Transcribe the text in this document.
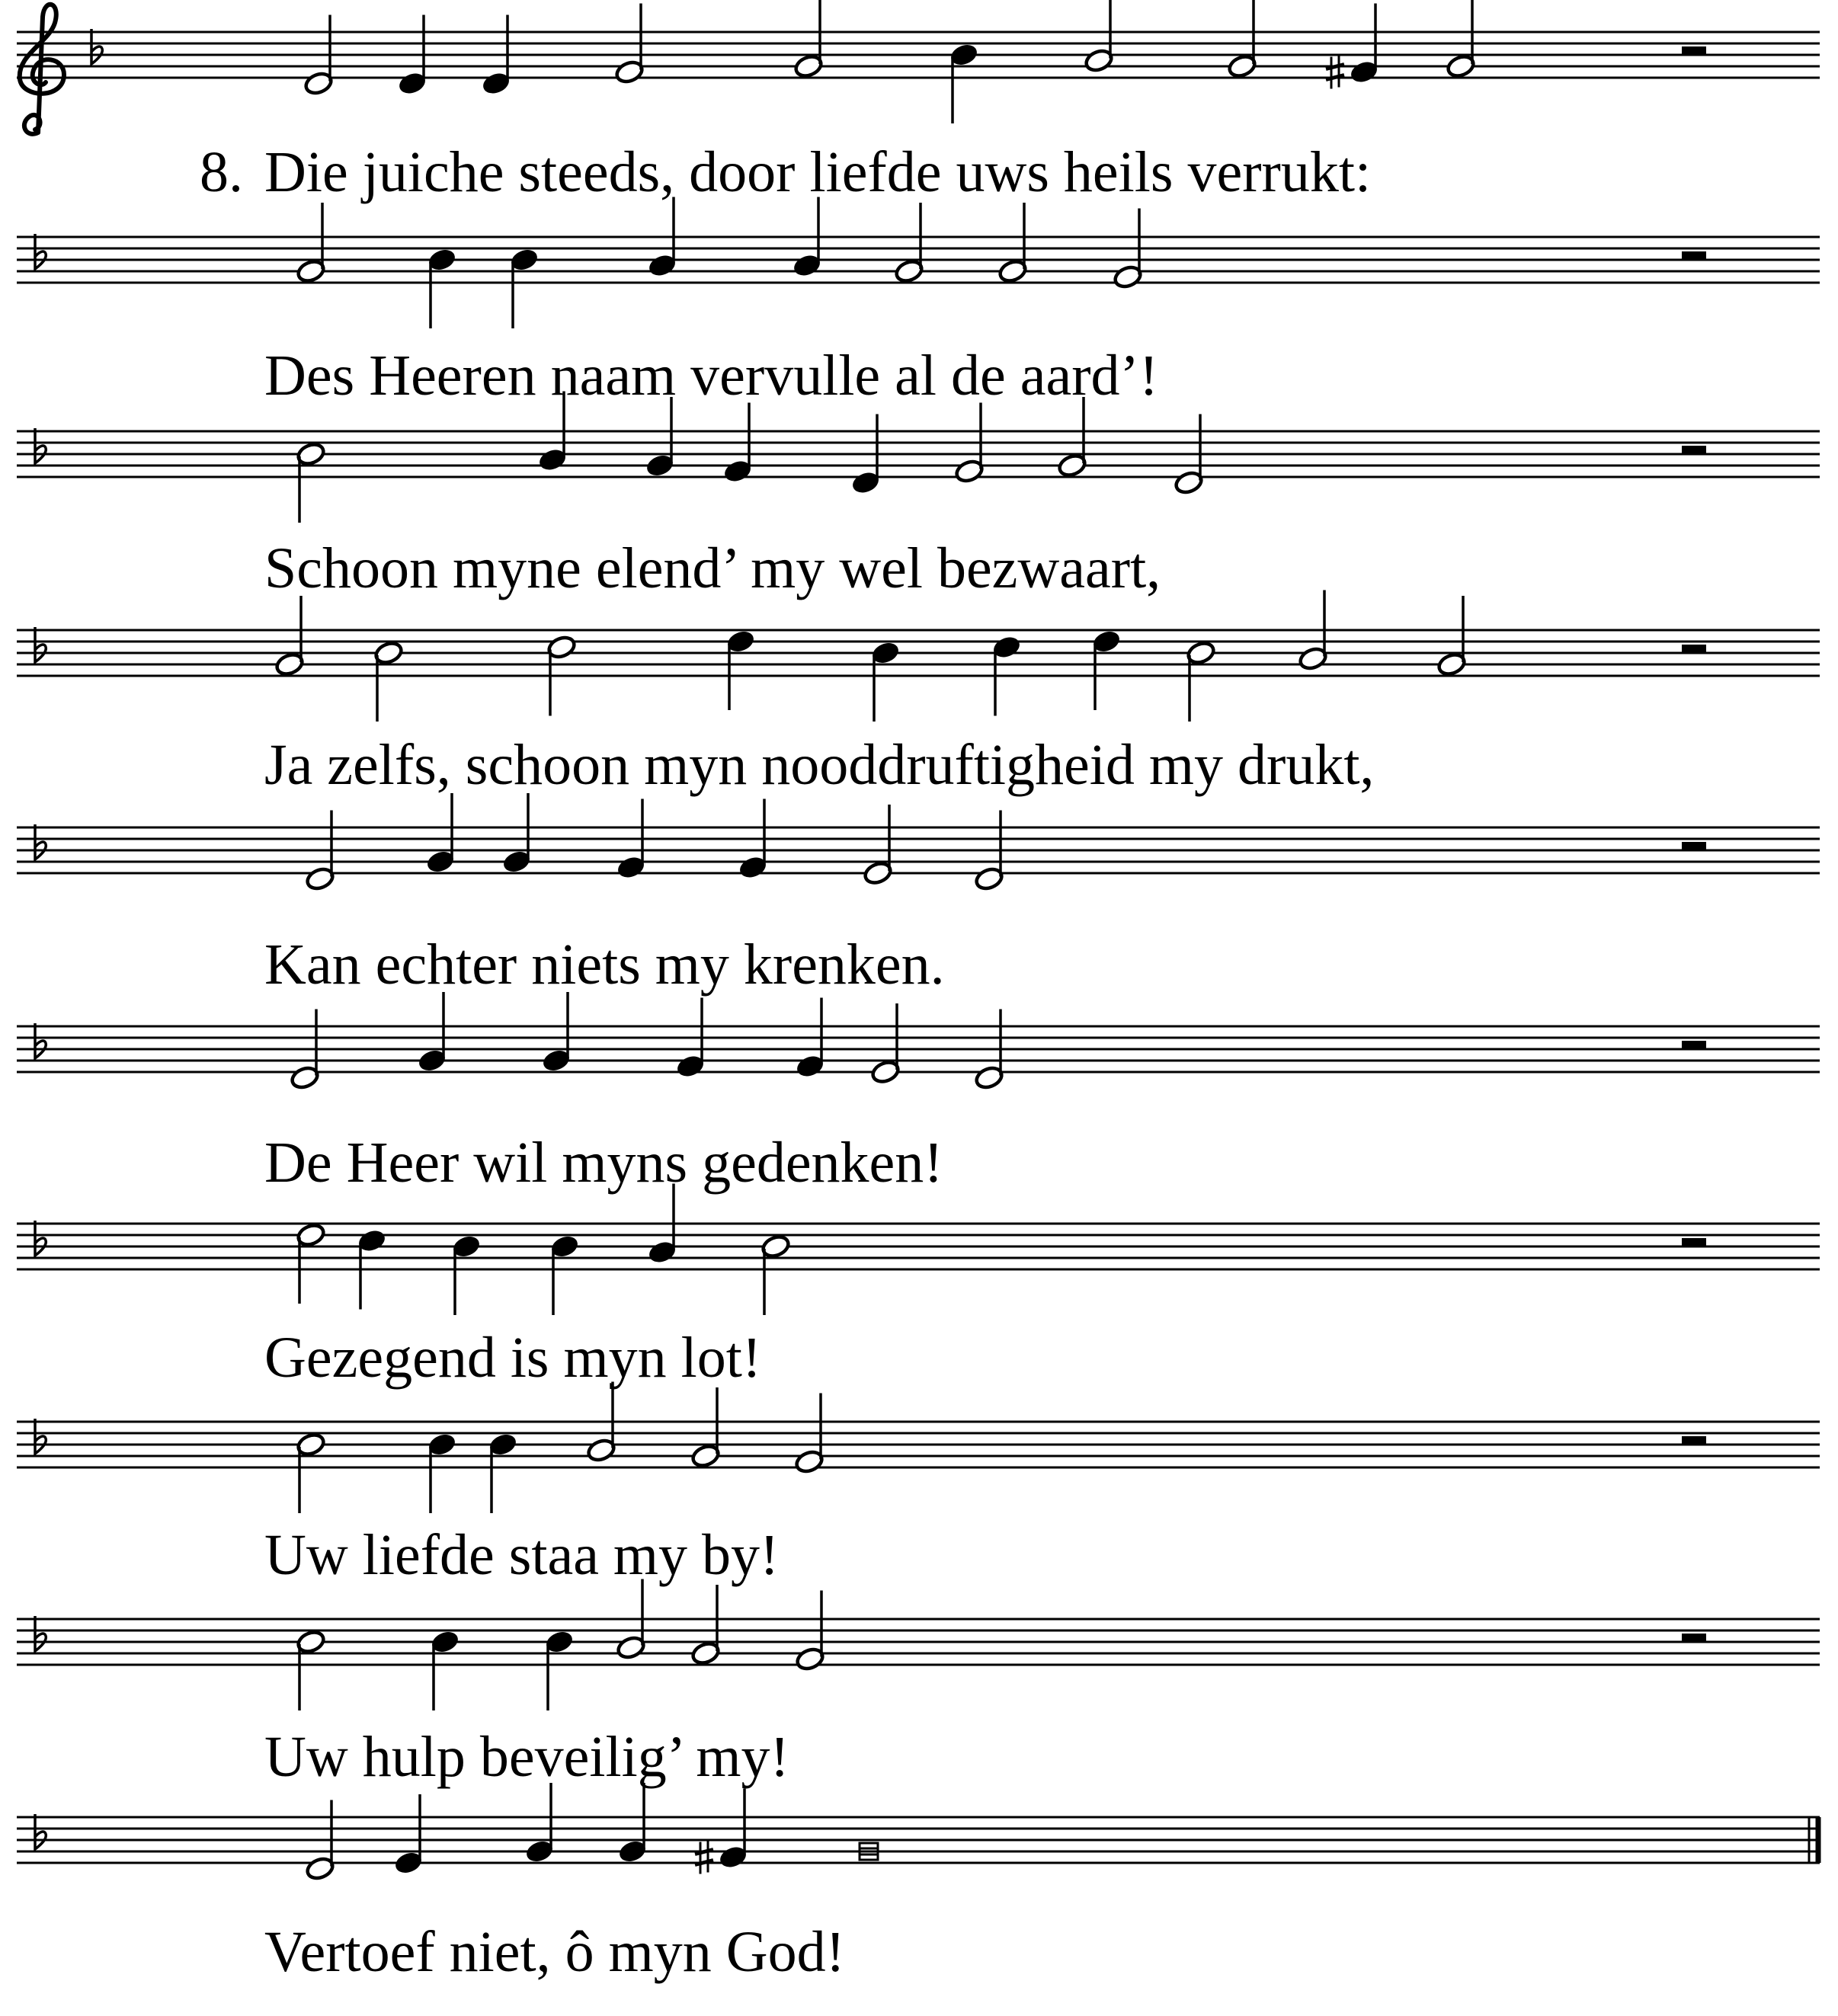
Die juiche steeds, door liefde uws heils verrukt:
8.
Des Heeren naam vervulle al de aard’!
Schoon myne elend’ my wel bezwaart,
Ja zelfs, schoon myn nooddruftigheid my drukt,
Kan echter niets my krenken.
De Heer wil myns gedenken!
Gezegend is myn lot!
Uw liefde staa my by!
Uw hulp beveilig’ my!
Vertoef niet, ô myn God!
